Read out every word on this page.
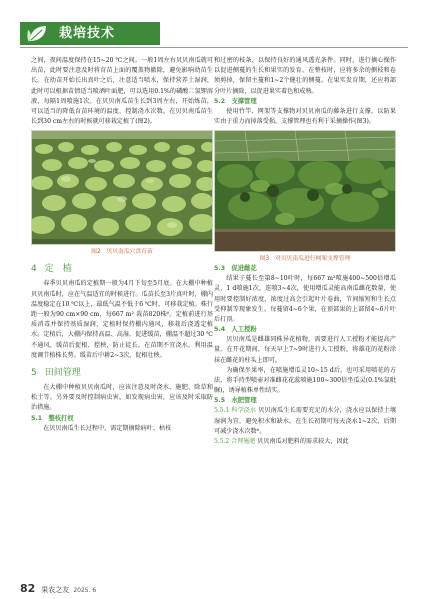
栽培技术

之间，夜间温度保持在15~20 ℃之间。一般1周左右贝贝南瓜就可出苗，此时要注意及时将育苗上面的覆盖物撤除，避免影响幼苗生长。在幼苗开始长出真叶之后，注意适当喷水，保持营养土湿润，此时可以根据苗情适当喷洒叶面肥，可以选用0.1%的磷酸二氢钾溶液，每隔1周喷施1次。在贝贝南瓜苗生长到3周左右，开始炼苗，可以适当的降低育苗环境的温度，控制浇水次数。在贝贝南瓜苗生长到30 cm左右的时候就可移栽定植了(图2)。

图2　贝贝南瓜穴盘育苗
4 定　植

春季贝贝南瓜的定植期一般为4月下旬至5月底。在大棚中种植贝贝南瓜时，应在气温适宜的时候进行。瓜苗长至3片真叶时，棚内温度稳定在10 ℃以上，最低气温不低于6 ℃时，可移栽定植。株行距一般为90 cm×90 cm，每667 m² 栽苗820株⁶。定植前进行基质消毒并保持基质湿润，定植时保持棚内通风，移栽后浇透定植水。定植后，大棚内保持高温、高湿，促进缓苗，棚温不超过30 ℃不通风，缓苗后促根、控秧，防止徒长。在苗期不宜浇水，利用温度调节植株长势。缓苗后中耕2~3次，促根壮秧。

5 田间管理

在大棚中种植贝贝南瓜时，应该注意及时浇水、施肥、除草和松土等。另外要及时控制病虫害，如发现病虫害，应该及时采取防治措施。

5.1　整枝打杈

在贝贝南瓜生长过程中，需定期摘除病叶、枯枝

和过密的枝条，以保持良好的通风透光条件。同时，进行摘心操作以促进侧蔓的生长和果实的发育。在整枝时，应将多余的侧枝和卷须剪掉，保留主蔓和1~2个健壮的侧蔓。在果实发育期，还应将部分叶片摘除，以促进果实着色和成熟。

5.2　支撑管理

使用竹竿、网架等支撑物对贝贝南瓜的藤条进行支撑，以防果实由于重力而掉落受损。支撑管理也有利于采摘操作(图3)。

图3　对贝贝南瓜进行网架支撑管理
5.3　促进雌花

结果子蔓长至第8~10叶时，每667 m²喷施400~500倍增瓜灵，1 d喷施1次，连喷3~4次，使用增瓜灵能高南瓜雌花数量，使用时要控制好浓度，浓度过高会引起叶片卷曲，节间缩短和生长点受抑制等现象发生。每蔓留4~6个果，在顶部果的上部留4~6片叶后打顶。

5.4　人工授粉

贝贝南瓜是雌雄同株异花植物，需要进行人工授粉才能提高产量。在开花期间，每天早上7~9时进行人工授粉，将雄花的花粉涂抹在雌花的柱头上即可。

为确保坐果率，在喷施增瓜灵10~15 d后，也可采用喷花的方法，将手持型喷壶对准雌花花蕊喷施100~300倍坐瓜灵(0.1%氯吡脲)，诱导植株单性结实。

5.5　水肥管理

5.5.1 科学浇水 贝贝南瓜生长需要充足的水分，浇水应以保持土壤湿润为宜，避免积水和缺水。在生长初期可每天浇水1~2次，后期可减少浇水次数⁶。

5.5.2 合理施肥 贝贝南瓜对肥料的需求较大，因此

82 果农之友 2025. 6
